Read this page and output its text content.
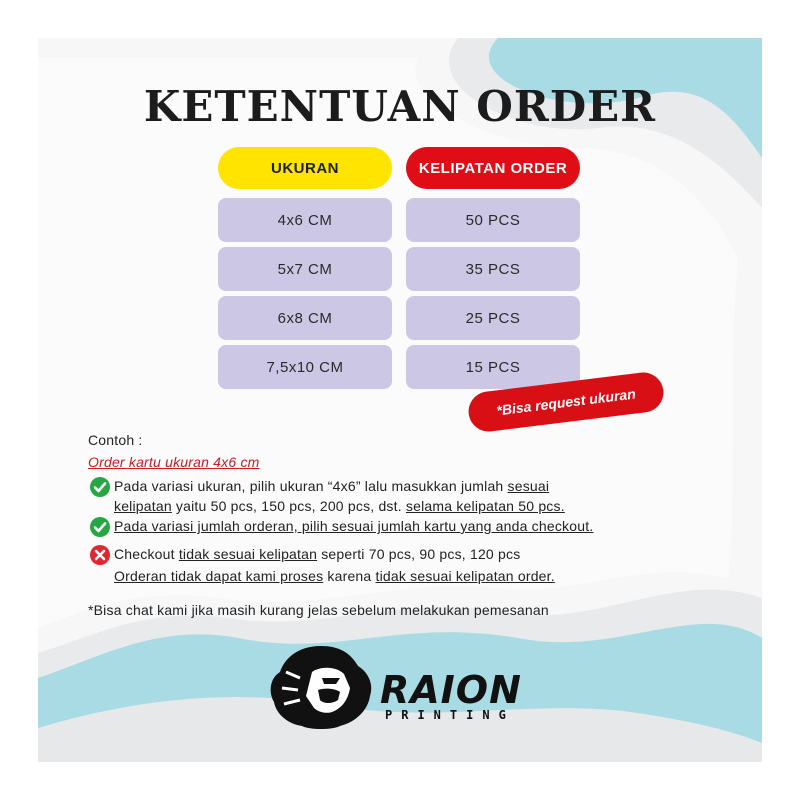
KETENTUAN ORDER
UKURAN	KELIPATAN ORDER
4x6 CM	50 PCS
5x7 CM	35 PCS
6x8 CM	25 PCS
7,5x10 CM	15 PCS
*Bisa request ukuran
Contoh :
Order kartu ukuran 4x6 cm
Pada variasi ukuran, pilih ukuran “4x6” lalu masukkan jumlah sesuai
kelipatan yaitu 50 pcs, 150 pcs, 200 pcs, dst. selama kelipatan 50 pcs.
Pada variasi jumlah orderan, pilih sesuai jumlah kartu yang anda checkout.
Checkout tidak sesuai kelipatan seperti 70 pcs, 90 pcs, 120 pcs
Orderan tidak dapat kami proses karena tidak sesuai kelipatan order.
*Bisa chat kami jika masih kurang jelas sebelum melakukan pemesanan
RAION
PRINTING
